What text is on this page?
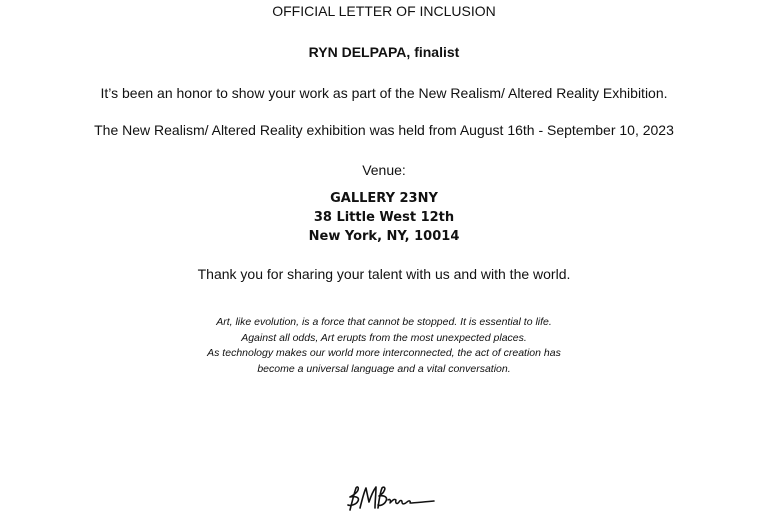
OFFICIAL LETTER OF INCLUSION

RYN DELPAPA, finalist

It’s been an honor to show your work as part of the New Realism/ Altered Reality Exhibition.

The New Realism/ Altered Reality exhibition was held from August 16th - September 10, 2023

Venue:

GALLERY 23NY

38 Little West 12th

New York, NY, 10014

Thank you for sharing your talent with us and with the world.

Art, like evolution, is a force that cannot be stopped. It is essential to life.
Against all odds, Art erupts from the most unexpected places.
As technology makes our world more interconnected, the act of creation has
become a universal language and a vital conversation.
